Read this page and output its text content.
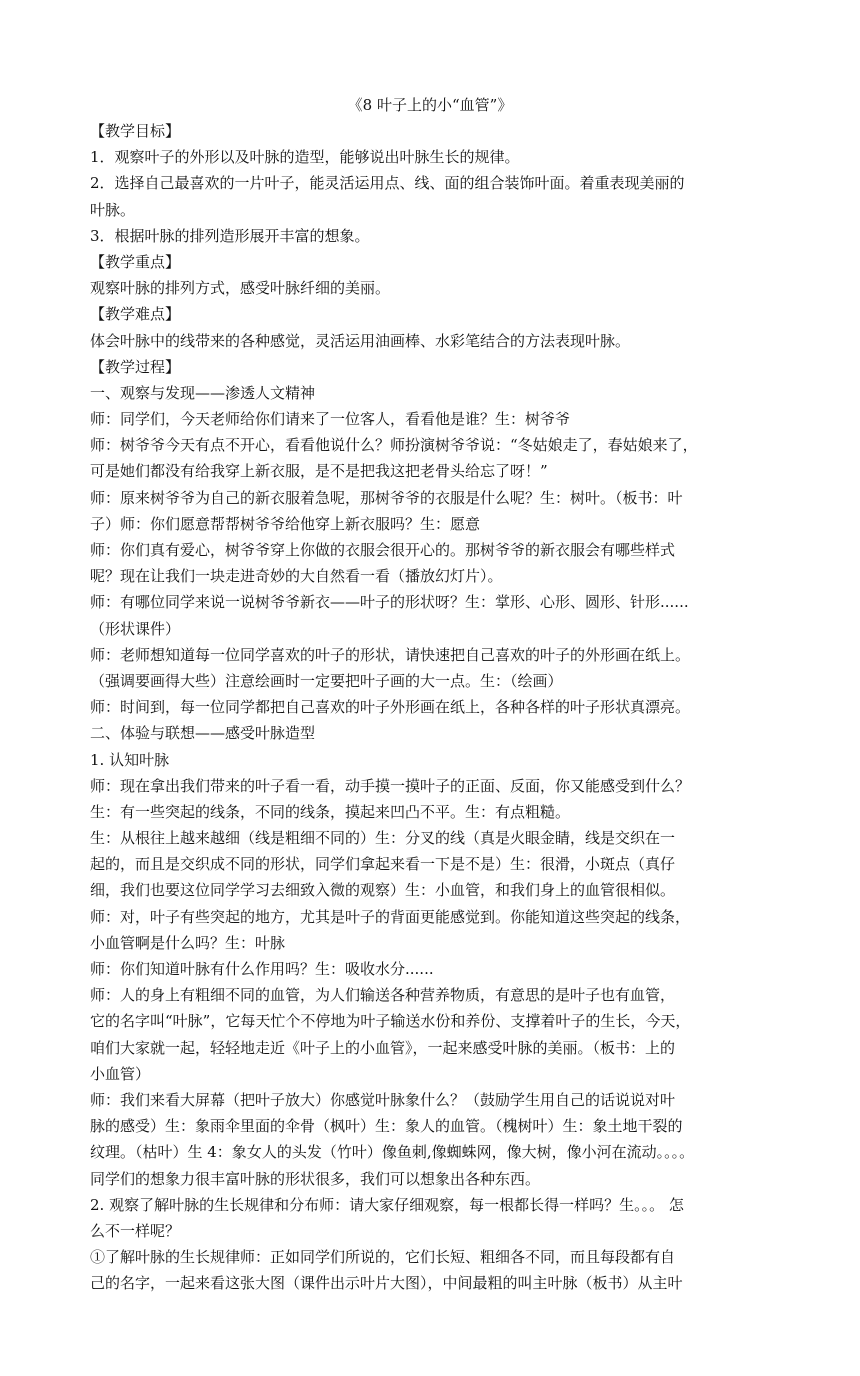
《8 叶子上的小“血管”》

【教学目标】
1．观察叶子的外形以及叶脉的造型，能够说出叶脉生长的规律。
2．选择自己最喜欢的一片叶子，能灵活运用点、线、面的组合装饰叶面。着重表现美丽的
叶脉。
3．根据叶脉的排列造形展开丰富的想象。
【教学重点】
观察叶脉的排列方式，感受叶脉纤细的美丽。
【教学难点】
体会叶脉中的线带来的各种感觉，灵活运用油画棒、水彩笔结合的方法表现叶脉。
【教学过程】
一、观察与发现——渗透人文精神
师：同学们，今天老师给你们请来了一位客人，看看他是谁？生：树爷爷
师：树爷爷今天有点不开心，看看他说什么？师扮演树爷爷说：“冬姑娘走了，春姑娘来了，
可是她们都没有给我穿上新衣服，是不是把我这把老骨头给忘了呀！”
师：原来树爷爷为自己的新衣服着急呢，那树爷爷的衣服是什么呢？生：树叶。（板书：叶
子）师：你们愿意帮帮树爷爷给他穿上新衣服吗？生：愿意
师：你们真有爱心，树爷爷穿上你做的衣服会很开心的。那树爷爷的新衣服会有哪些样式
呢？现在让我们一块走进奇妙的大自然看一看（播放幻灯片）。
师：有哪位同学来说一说树爷爷新衣——叶子的形状呀？生：掌形、心形、圆形、针形......
（形状课件）
师：老师想知道每一位同学喜欢的叶子的形状，请快速把自己喜欢的叶子的外形画在纸上。
（强调要画得大些）注意绘画时一定要把叶子画的大一点。生：（绘画）
师：时间到，每一位同学都把自己喜欢的叶子外形画在纸上，各种各样的叶子形状真漂亮。
二、体验与联想——感受叶脉造型
1. 认知叶脉
师：现在拿出我们带来的叶子看一看，动手摸一摸叶子的正面、反面，你又能感受到什么？
生：有一些突起的线条，不同的线条，摸起来凹凸不平。生：有点粗糙。
生：从根往上越来越细（线是粗细不同的）生：分叉的线（真是火眼金睛，线是交织在一
起的，而且是交织成不同的形状，同学们拿起来看一下是不是）生：很滑，小斑点（真仔
细，我们也要这位同学学习去细致入微的观察）生：小血管，和我们身上的血管很相似。
师：对，叶子有些突起的地方，尤其是叶子的背面更能感觉到。你能知道这些突起的线条，
小血管啊是什么吗？生：叶脉
师：你们知道叶脉有什么作用吗？生：吸收水分......
师：人的身上有粗细不同的血管，为人们输送各种营养物质，有意思的是叶子也有血管，
它的名字叫“叶脉”，它每天忙个不停地为叶子输送水份和养份、支撑着叶子的生长，今天，
咱们大家就一起，轻轻地走近《叶子上的小血管》，一起来感受叶脉的美丽。（板书：上的
小血管）
师：我们来看大屏幕（把叶子放大）你感觉叶脉象什么？（鼓励学生用自己的话说说对叶
脉的感受）生：象雨伞里面的伞骨（枫叶）生：象人的血管。（槐树叶）生：象土地干裂的
纹理。（枯叶）生 4：象女人的头发（竹叶）像鱼刺,像蜘蛛网，像大树，像小河在流动。。。。
同学们的想象力很丰富叶脉的形状很多，我们可以想象出各种东西。
2. 观察了解叶脉的生长规律和分布师：请大家仔细观察，每一根都长得一样吗？生。。。 怎
么不一样呢？
①了解叶脉的生长规律师：正如同学们所说的，它们长短、粗细各不同，而且每段都有自
己的名字，一起来看这张大图（课件出示叶片大图），中间最粗的叫主叶脉（板书）从主叶
